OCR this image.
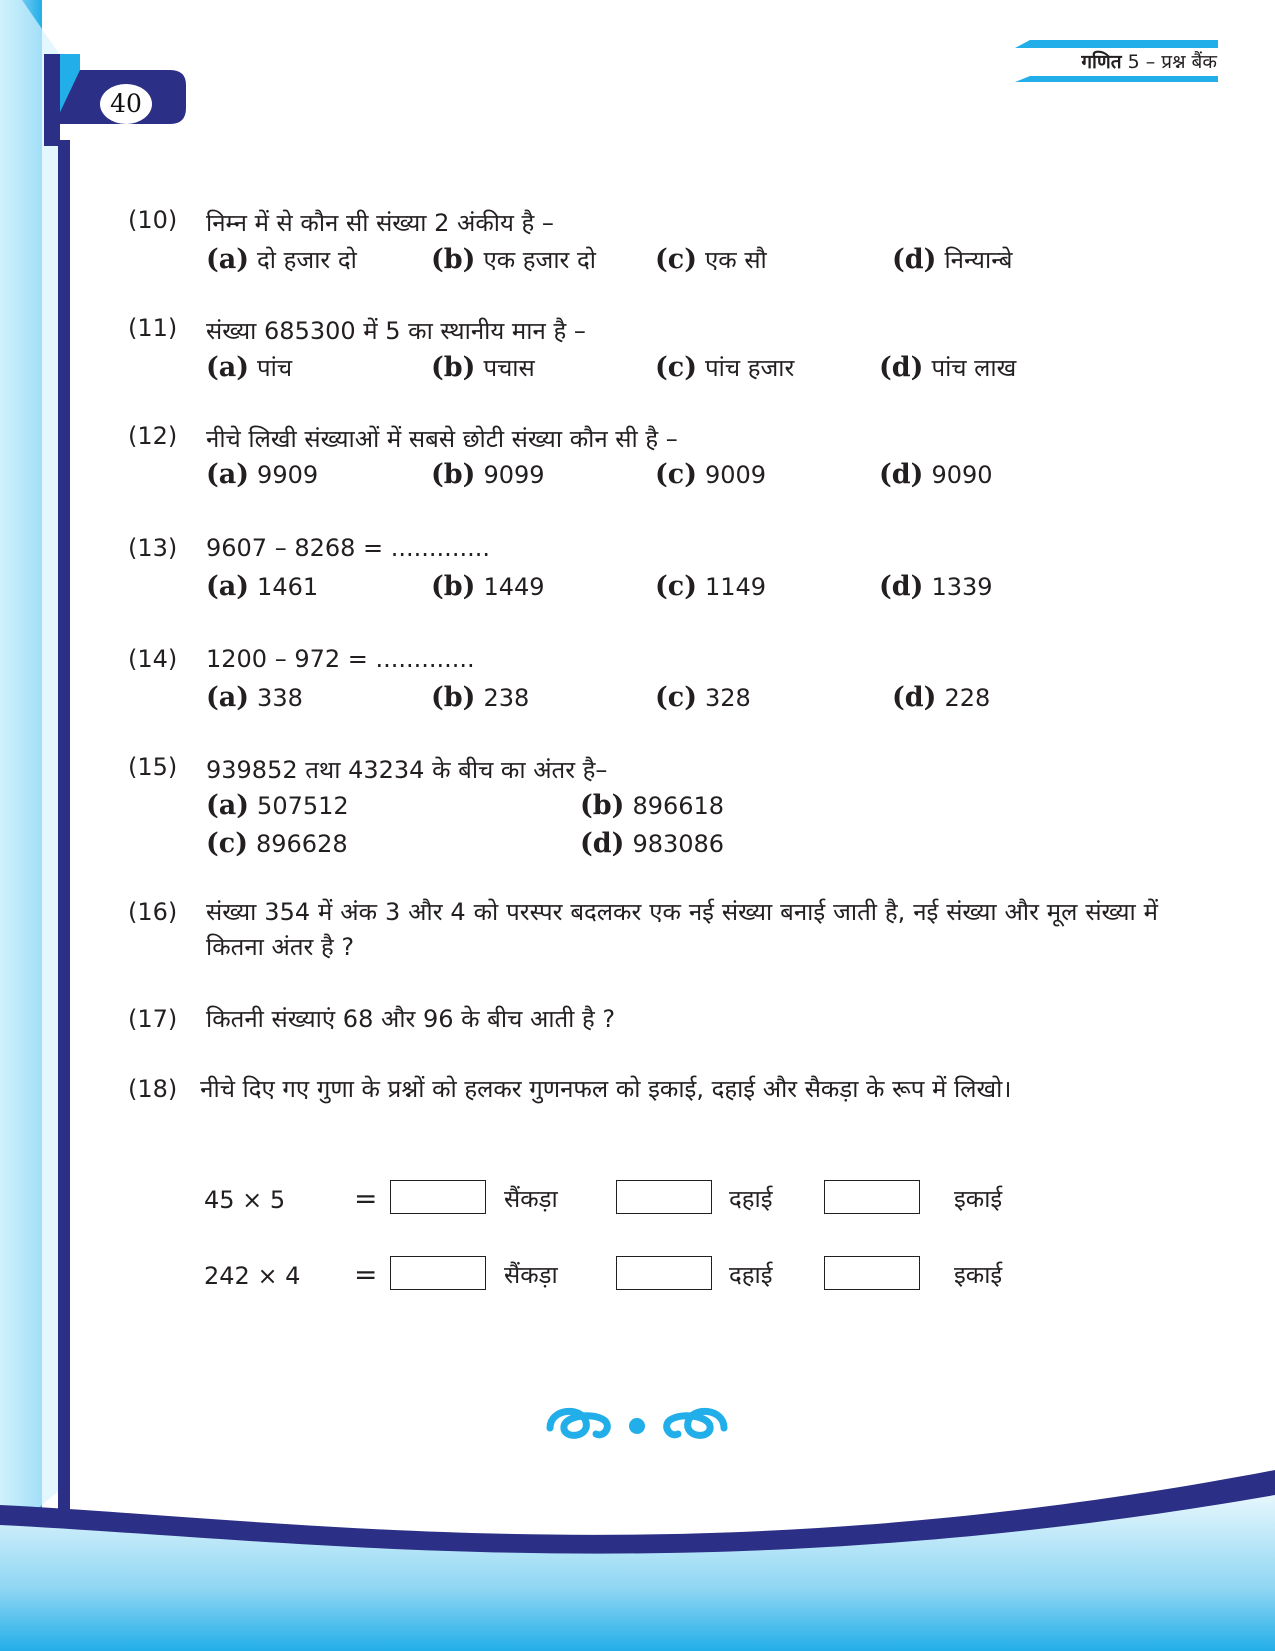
40
गणित 5 – प्रश्न बैंक
(10) निम्न में से कौन सी संख्या 2 अंकीय है –
(a) दो हजार दो	(b) एक हजार दो (c) एक सौ	(d) निन्यान्बे
(11) संख्या 685300 में 5 का स्थानीय मान है –
(a) पांच	(b) पचास	(c) पांच हजार	(d) पांच लाख
(12) नीचे लिखी संख्याओं में सबसे छोटी संख्या कौन सी है –
(a) 9909	(b) 9099	(c) 9009	(d) 9090
(13) 9607 – 8268 = .............
(a) 1461	(b) 1449	(c) 1149	(d) 1339
(14) 1200 – 972 = .............
(a) 338	(b) 238	(c) 328	(d) 228
(15) 939852 तथा 43234 के बीच का अंतर है–
(a) 507512	(b) 896618
(c) 896628	(d) 983086
(16) संख्या 354 में अंक 3 और 4 को परस्पर बदलकर एक नई संख्या बनाई जाती है, नई संख्या और मूल संख्या में कितना अंतर है ?
(17) कितनी संख्याएं 68 और 96 के बीच आती है ?
(18) नीचे दिए गए गुणा के प्रश्नों को हलकर गुणनफल को इकाई, दहाई और सैकड़ा के रूप में लिखो।
45 × 5 =	सैंकड़ा	दहाई	इकाई
242 × 4 =	सैंकड़ा	दहाई	इकाई
